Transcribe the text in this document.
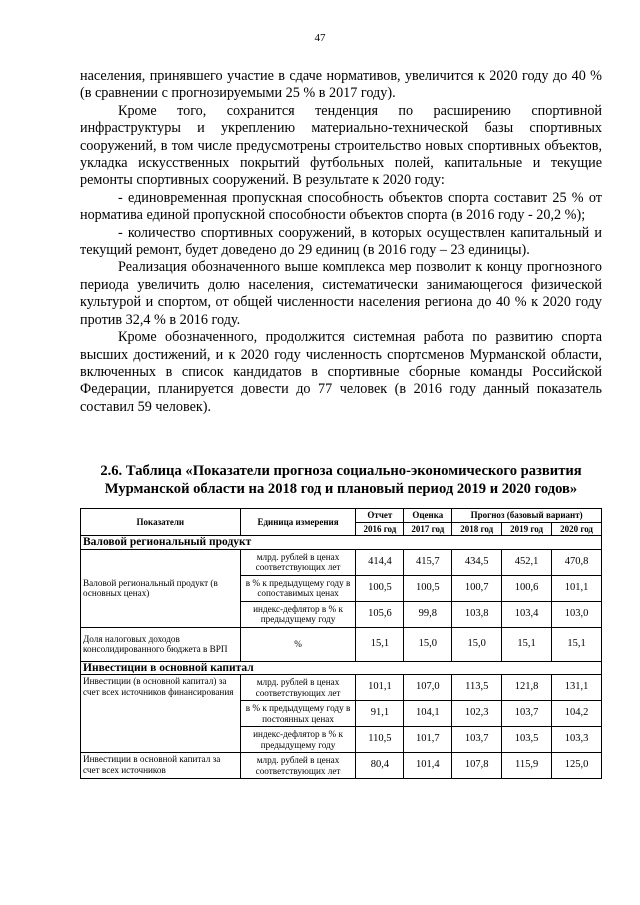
47

населения, принявшего участие в сдаче нормативов, увеличится к 2020 году до 40 % (в сравнении с прогнозируемыми 25 % в 2017 году).

Кроме того, сохранится тенденция по расширению спортивной инфраструктуры и укреплению материально-технической базы спортивных сооружений, в том числе предусмотрены строительство новых спортивных объектов, укладка искусственных покрытий футбольных полей, капитальные и текущие ремонты спортивных сооружений. В результате к 2020 году:

- единовременная пропускная способность объектов спорта составит 25 % от норматива единой пропускной способности объектов спорта (в 2016 году - 20,2 %);

- количество спортивных сооружений, в которых осуществлен капитальный и текущий ремонт, будет доведено до 29 единиц (в 2016 году – 23 единицы).

Реализация обозначенного выше комплекса мер позволит к концу прогнозного периода увеличить долю населения, систематически занимающегося физической культурой и спортом, от общей численности населения региона до 40 % к 2020 году против 32,4 % в 2016 году.

Кроме обозначенного, продолжится системная работа по развитию спорта высших достижений, и к 2020 году численность спортсменов Мурманской области, включенных в список кандидатов в спортивные сборные команды Российской Федерации, планируется довести до 77 человек (в 2016 году данный показатель составил 59 человек).

2.6. Таблица «Показатели прогноза социально-экономического развития Мурманской области на 2018 год и плановый период 2019 и 2020 годов»
Показатели	Единица измерения	Отчет	Оценка	Прогноз (базовый вариант)		
		2016 год	2017 год	2018 год	2019 год	2020 год
Валовой региональный продукт						
Валовой региональный продукт (в основных ценах)	млрд. рублей в ценах соответствующих лет	414,4	415,7	434,5	452,1	470,8
	в % к предыдущему году в сопоставимых ценах	100,5	100,5	100,7	100,6	101,1
	индекс-дефлятор в % к предыдущему году	105,6	99,8	103,8	103,4	103,0
Доля налоговых доходов консолидированного бюджета в ВРП	%	15,1	15,0	15,0	15,1	15,1
Инвестиции в основной капитал						
Инвестиции (в основной капитал) за счет всех источников финансирования	млрд. рублей в ценах соответствующих лет	101,1	107,0	113,5	121,8	131,1
	в % к предыдущему году в постоянных ценах	91,1	104,1	102,3	103,7	104,2
	индекс-дефлятор в % к предыдущему году	110,5	101,7	103,7	103,5	103,3
Инвестиции в основной капитал за счет всех источников	млрд. рублей в ценах соответствующих лет	80,4	101,4	107,8	115,9	125,0
